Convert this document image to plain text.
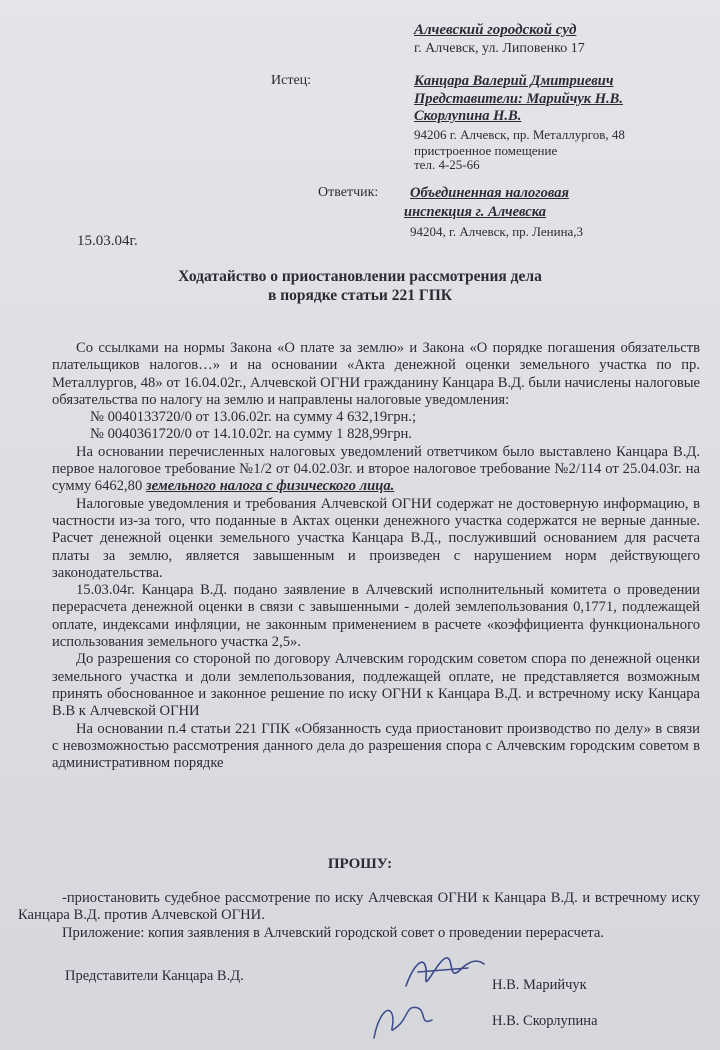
Алчевский городской суд
г. Алчевск, ул. Липовенко 17
Истец:	Канцара Валерий Дмитриевич
Представители: Марийчук Н.В.
Скорлупина Н.В.
94206 г. Алчевск, пр. Металлургов, 48
пристроенное помещение
тел. 4-25-66
Ответчик: Объединенная налоговая
инспекция г. Алчевска
94204, г. Алчевск, пр. Ленина,3
15.03.04г.
Ходатайство о приостановлении рассмотрения дела
в порядке статьи 221 ГПК

Со ссылками на нормы Закона «О плате за землю» и Закона «О порядке погашения обязательств плательщиков налогов…» и на основании «Акта денежной оценки земельного участка по пр. Металлургов, 48» от 16.04.02г., Алчевской ОГНИ гражданину Канцара В.Д. были начислены налоговые обязательства по налогу на землю и направлены налоговые уведомления:

№ 0040133720/0 от 13.06.02г. на сумму 4 632,19грн.;

№ 0040361720/0 от 14.10.02г. на сумму 1 828,99грн.

На основании перечисленных налоговых уведомлений ответчиком было выставлено Канцара В.Д. первое налоговое требование №1/2 от 04.02.03г. и второе налоговое требование №2/114 от 25.04.03г. на сумму 6462,80 земельного налога с физического лица.

Налоговые уведомления и требования Алчевской ОГНИ содержат не достоверную информацию, в частности из-за того, что поданные в Актах оценки денежного участка содержатся не верные данные. Расчет денежной оценки земельного участка Канцара В.Д., послуживший основанием для расчета платы за землю, является завышенным и произведен с нарушением норм действующего законодательства.

15.03.04г. Канцара В.Д. подано заявление в Алчевский исполнительный комитета о проведении перерасчета денежной оценки в связи с завышенными - долей землепользования 0,1771, подлежащей оплате, индексами инфляции, не законным применением в расчете «коэффициента функционального использования земельного участка 2,5».

До разрешения со стороной по договору Алчевским городским советом спора по денежной оценки земельного участка и доли землепользования, подлежащей оплате, не представляется возможным принять обоснованное и законное решение по иску ОГНИ к Канцара В.Д. и встречному иску Канцара В.В к Алчевской ОГНИ

На основании п.4 статьи 221 ГПК «Обязанность суда приостановит производство по делу» в связи с невозможностью рассмотрения данного дела до разрешения спора с Алчевским городским советом в административном порядке

ПРОШУ:

-приостановить судебное рассмотрение по иску Алчевская ОГНИ к Канцара В.Д. и встречному иску Канцара В.Д. против Алчевской ОГНИ.

Приложение: копия заявления в Алчевский городской совет о проведении перерасчета.

Представители Канцара В.Д.
Н.В. Марийчук
Н.В. Скорлупина
